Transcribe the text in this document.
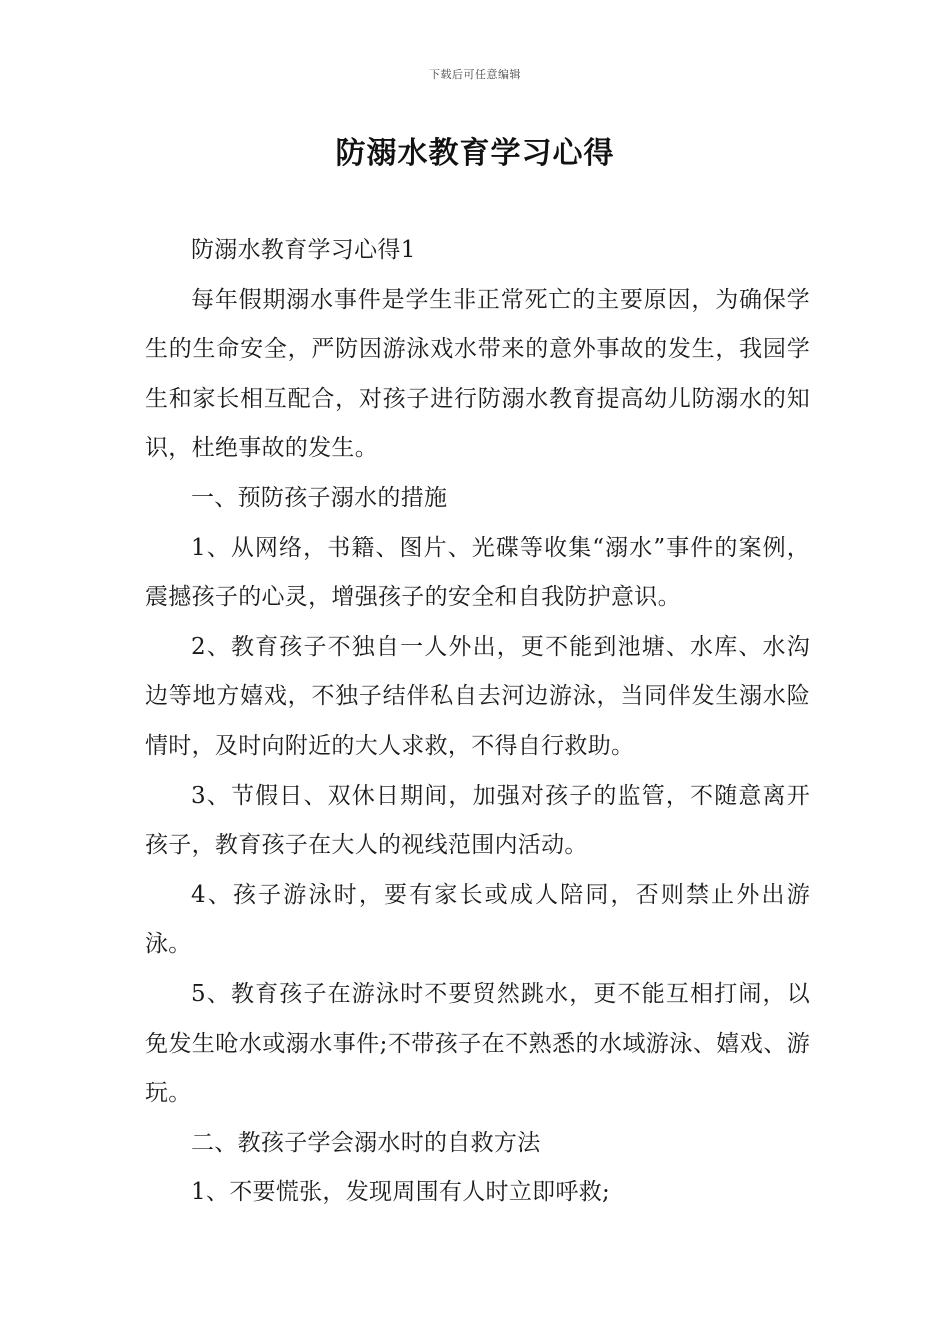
下载后可任意编辑
防溺水教育学习心得

防溺水教育学习心得1

每年假期溺水事件是学生非正常死亡的主要原因，为确保学生的生命安全，严防因游泳戏水带来的意外事故的发生，我园学生和家长相互配合，对孩子进行防溺水教育提高幼儿防溺水的知识，杜绝事故的发生。

一、预防孩子溺水的措施

1、从网络，书籍、图片、光碟等收集“溺水”事件的案例，震撼孩子的心灵，增强孩子的安全和自我防护意识。

2、教育孩子不独自一人外出，更不能到池塘、水库、水沟边等地方嬉戏，不独子结伴私自去河边游泳，当同伴发生溺水险情时，及时向附近的大人求救，不得自行救助。

3、节假日、双休日期间，加强对孩子的监管，不随意离开孩子，教育孩子在大人的视线范围内活动。

4、孩子游泳时，要有家长或成人陪同，否则禁止外出游泳。

5、教育孩子在游泳时不要贸然跳水，更不能互相打闹，以免发生呛水或溺水事件;不带孩子在不熟悉的水域游泳、嬉戏、游玩。

二、教孩子学会溺水时的自救方法

1、不要慌张，发现周围有人时立即呼救;
